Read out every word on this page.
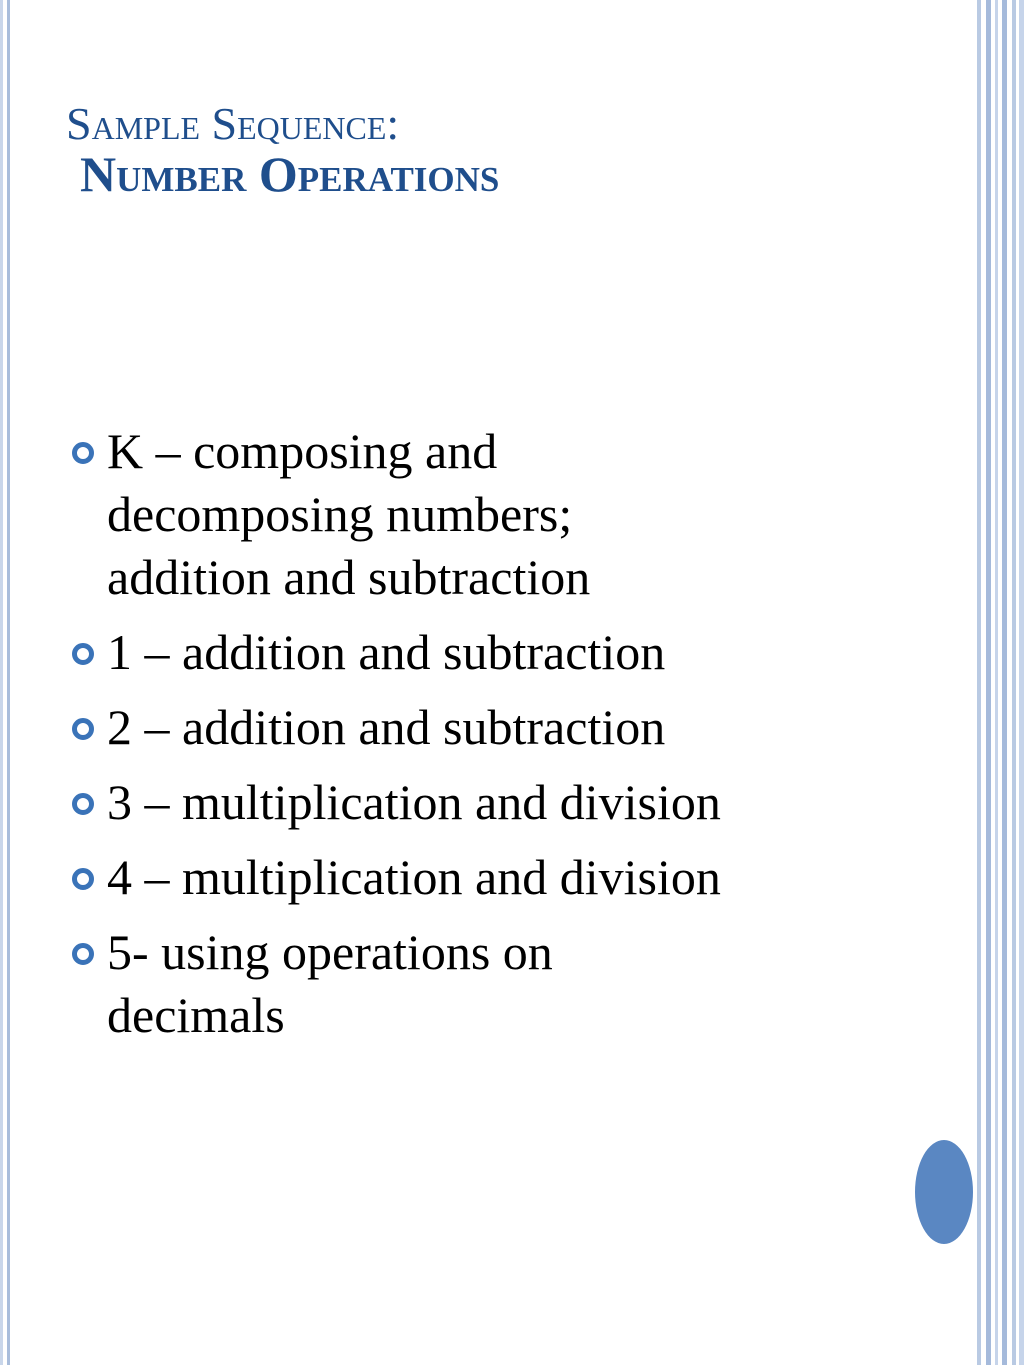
Sample Sequence:
Number Operations
K – composing and decomposing numbers; addition and subtraction
1 – addition and subtraction
2 – addition and subtraction
3 – multiplication and division
4 – multiplication and division
5- using operations on decimals
